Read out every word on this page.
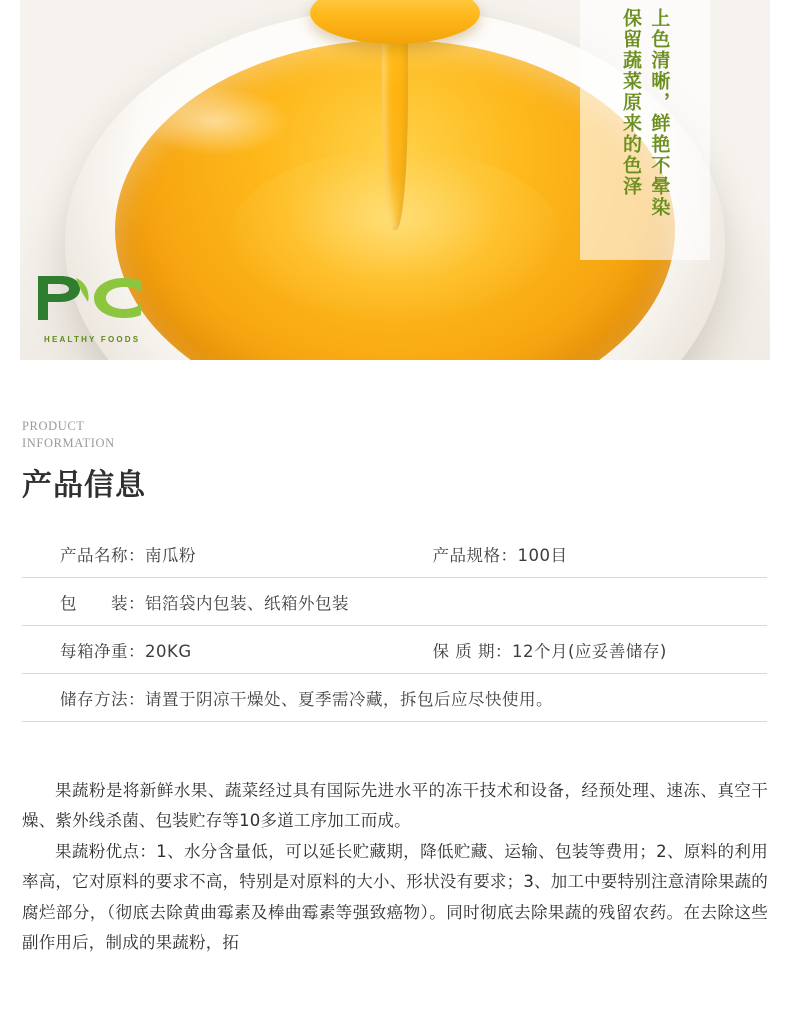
上色清晰，鲜艳不晕染
保留蔬菜原来的色泽
HEALTHY FOODS
PRODUCT
INFORMATION
产品信息
产品名称：南瓜粉	产品规格：100目
包　　装：铝箔袋内包装、纸箱外包装
每箱净重：20KG	保 质 期：12个月(应妥善储存)
储存方法：请置于阴凉干燥处、夏季需冷藏，拆包后应尽快使用。

果蔬粉是将新鲜水果、蔬菜经过具有国际先进水平的冻干技术和设备，经预处理、速冻、真空干燥、紫外线杀菌、包装贮存等10多道工序加工而成。

果蔬粉优点：1、水分含量低，可以延长贮藏期，降低贮藏、运输、包装等费用；2、原料的利用率高，它对原料的要求不高，特别是对原料的大小、形状没有要求；3、加工中要特别注意清除果蔬的腐烂部分，（彻底去除黄曲霉素及棒曲霉素等强致癌物）。同时彻底去除果蔬的残留农药。在去除这些副作用后，制成的果蔬粉，拓
